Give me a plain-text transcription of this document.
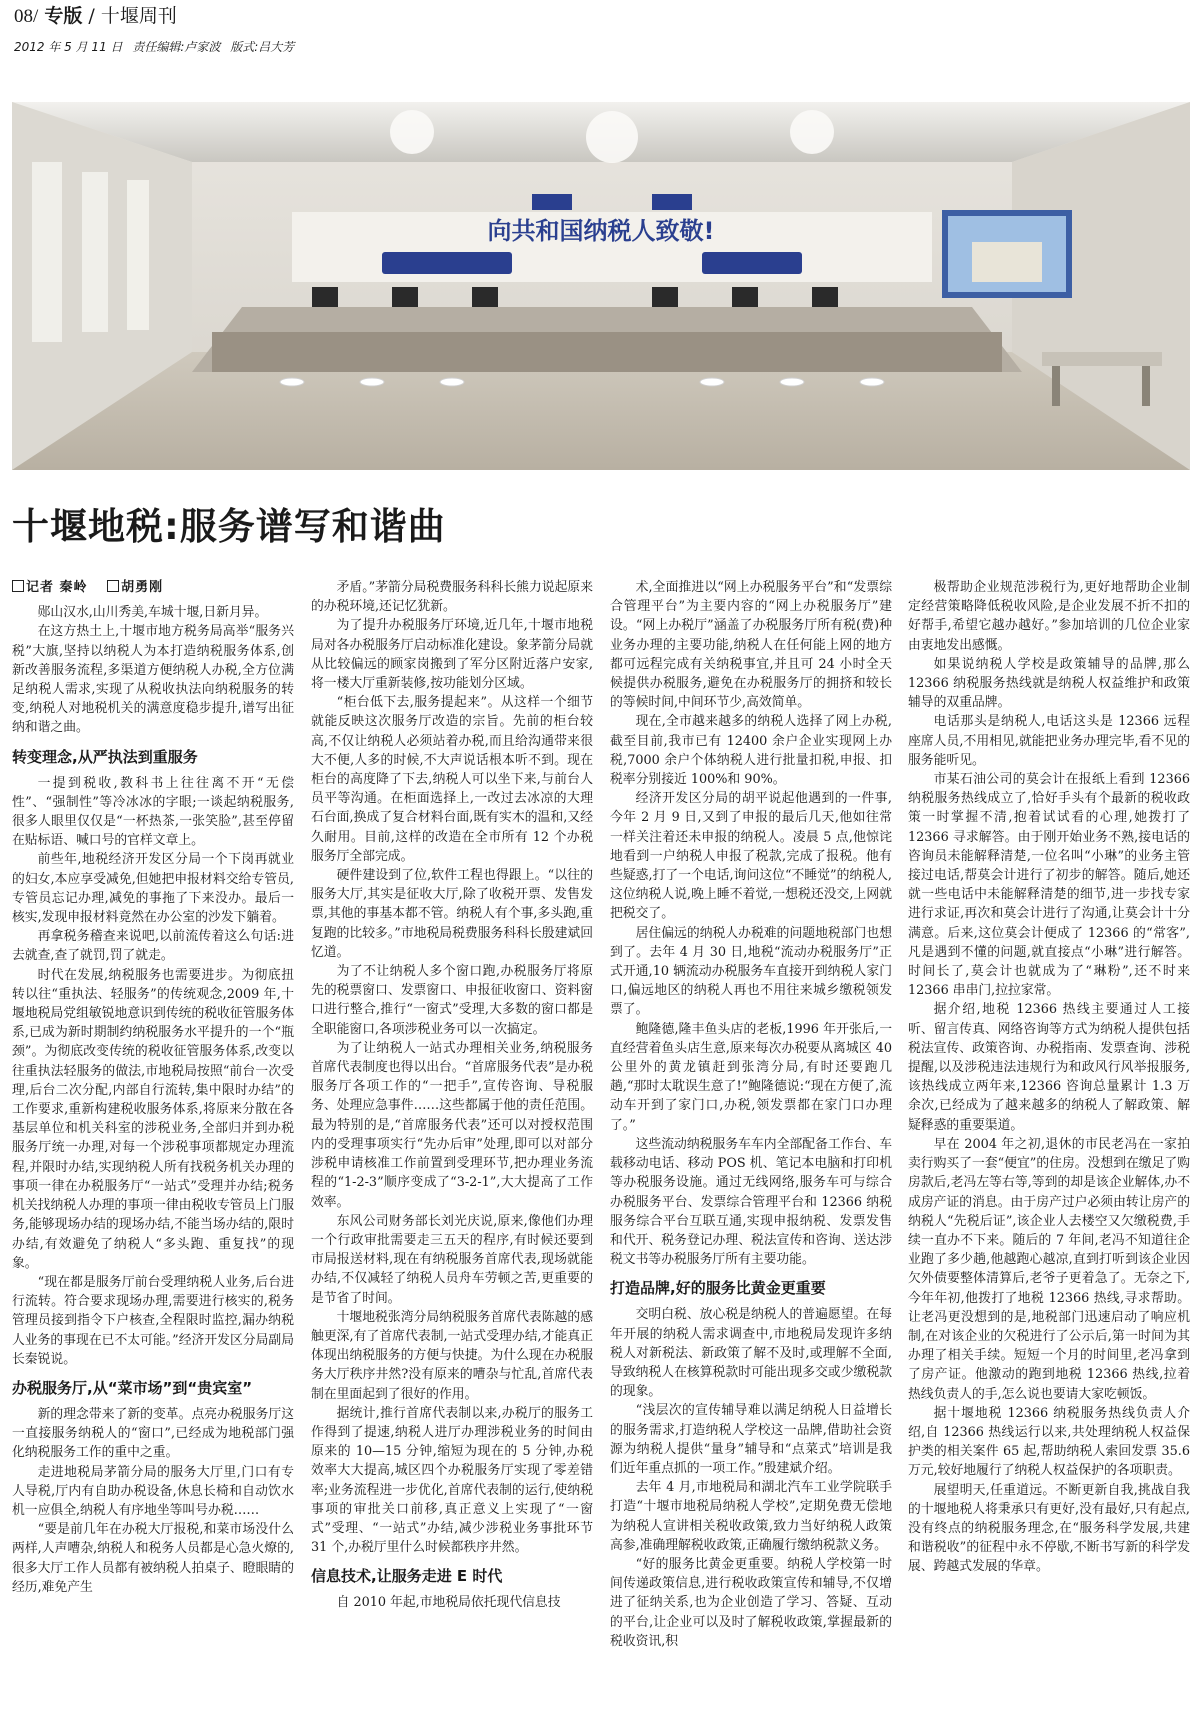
08/ 专版 / 十堰周刊
2012 年 5 月 11 日 责任编辑:卢家波 版式:吕大芳
向共和国纳税人致敬!
十堰地税:服务谱写和谐曲
记者 秦岭	胡勇刚

郧山汉水,山川秀美,车城十堰,日新月异。

在这方热土上,十堰市地方税务局高举“服务兴税”大旗,坚持以纳税人为本打造纳税服务体系,创新改善服务流程,多渠道方便纳税人办税,全方位满足纳税人需求,实现了从税收执法向纳税服务的转变,纳税人对地税机关的满意度稳步提升,谱写出征纳和谐之曲。

转变理念,从严执法到重服务

一提到税收,教科书上往往离不开“无偿性”、“强制性”等冷冰冰的字眼;一谈起纳税服务,很多人眼里仅仅是“一杯热茶,一张笑脸”,甚至停留在贴标语、喊口号的官样文章上。

前些年,地税经济开发区分局一个下岗再就业的妇女,本应享受减免,但她把申报材料交给专管员,专管员忘记办理,减免的事拖了下来没办。最后一核实,发现申报材料竟然在办公室的沙发下躺着。

再拿税务稽查来说吧,以前流传着这么句话:进去就查,查了就罚,罚了就走。

时代在发展,纳税服务也需要进步。为彻底扭转以往“重执法、轻服务”的传统观念,2009 年,十堰地税局党组敏锐地意识到传统的税收征管服务体系,已成为新时期制约纳税服务水平提升的一个“瓶颈”。为彻底改变传统的税收征管服务体系,改变以往重执法轻服务的做法,市地税局按照“前台一次受理,后台二次分配,内部自行流转,集中限时办结”的工作要求,重新构建税收服务体系,将原来分散在各基层单位和机关科室的涉税业务,全部归并到办税服务厅统一办理,对每一个涉税事项都规定办理流程,并限时办结,实现纳税人所有找税务机关办理的事项一律在办税服务厅“一站式”受理并办结;税务机关找纳税人办理的事项一律由税收专管员上门服务,能够现场办结的现场办结,不能当场办结的,限时办结,有效避免了纳税人“多头跑、重复找”的现象。

“现在都是服务厅前台受理纳税人业务,后台进行流转。符合要求现场办理,需要进行核实的,税务管理员接到指令下户核查,全程限时监控,漏办纳税人业务的事现在已不太可能。”经济开发区分局副局长秦锐说。

办税服务厅,从“菜市场”到“贵宾室”

新的理念带来了新的变革。点亮办税服务厅这一直接服务纳税人的“窗口”,已经成为地税部门强化纳税服务工作的重中之重。

走进地税局茅箭分局的服务大厅里,门口有专人导税,厅内有自助办税设备,休息长椅和自动饮水机一应俱全,纳税人有序地坐等叫号办税……

“要是前几年在办税大厅报税,和菜市场没什么两样,人声嘈杂,纳税人和税务人员都是心急火燎的,很多大厅工作人员都有被纳税人拍桌子、瞪眼睛的经历,难免产生

矛盾。”茅箭分局税费服务科科长熊力说起原来的办税环境,还记忆犹新。

为了提升办税服务厅环境,近几年,十堰市地税局对各办税服务厅启动标准化建设。象茅箭分局就从比较偏远的顾家岗搬到了军分区附近落户安家,将一楼大厅重新装修,按功能划分区域。

“柜台低下去,服务提起来”。从这样一个细节就能反映这次服务厅改造的宗旨。先前的柜台较高,不仅让纳税人必须站着办税,而且给沟通带来很大不便,人多的时候,不大声说话根本听不到。现在柜台的高度降了下去,纳税人可以坐下来,与前台人员平等沟通。在柜面选择上,一改过去冰凉的大理石台面,换成了复合材料台面,既有实木的温和,又经久耐用。目前,这样的改造在全市所有 12 个办税服务厅全部完成。

硬件建设到了位,软件工程也得跟上。“以往的服务大厅,其实是征收大厅,除了收税开票、发售发票,其他的事基本都不管。纳税人有个事,多头跑,重复跑的比较多。”市地税局税费服务科科长殷建斌回忆道。

为了不让纳税人多个窗口跑,办税服务厅将原先的税票窗口、发票窗口、申报征收窗口、资料窗口进行整合,推行“一窗式”受理,大多数的窗口都是全职能窗口,各项涉税业务可以一次搞定。

为了让纳税人一站式办理相关业务,纳税服务首席代表制度也得以出台。“首席服务代表”是办税服务厅各项工作的“一把手”,宣传咨询、导税服务、处理应急事件……这些都属于他的责任范围。最为特别的是,“首席服务代表”还可以对授权范围内的受理事项实行“先办后审”处理,即可以对部分涉税申请核准工作前置到受理环节,把办理业务流程的“1-2-3”顺序变成了“3-2-1”,大大提高了工作效率。

东风公司财务部长刘光庆说,原来,像他们办理一个行政审批需要走三五天的程序,有时候还要到市局报送材料,现在有纳税服务首席代表,现场就能办结,不仅减轻了纳税人员舟车劳顿之苦,更重要的是节省了时间。

十堰地税张湾分局纳税服务首席代表陈越的感触更深,有了首席代表制,一站式受理办结,才能真正体现出纳税服务的方便与快捷。为什么现在办税服务大厅秩序井然?没有原来的嘈杂与忙乱,首席代表制在里面起到了很好的作用。

据统计,推行首席代表制以来,办税厅的服务工作得到了提速,纳税人进厅办理涉税业务的时间由原来的 10—15 分钟,缩短为现在的 5 分钟,办税效率大大提高,城区四个办税服务厅实现了零差错率;业务流程进一步优化,首席代表制的运行,使纳税事项的审批关口前移,真正意义上实现了“一窗式”受理、“一站式”办结,减少涉税业务事批环节 31 个,办税厅里什么时候都秩序井然。

信息技术,让服务走进 E 时代

自 2010 年起,市地税局依托现代信息技

术,全面推进以“网上办税服务平台”和“发票综合管理平台”为主要内容的“网上办税服务厅”建设。“网上办税厅”涵盖了办税服务厅所有税(费)种业务办理的主要功能,纳税人在任何能上网的地方都可远程完成有关纳税事宜,并且可 24 小时全天候提供办税服务,避免在办税服务厅的拥挤和较长的等候时间,中间环节少,高效简单。

现在,全市越来越多的纳税人选择了网上办税,截至目前,我市已有 12400 余户企业实现网上办税,7000 余户个体纳税人进行批量扣税,申报、扣税率分别接近 100%和 90%。

经济开发区分局的胡平说起他遇到的一件事,今年 2 月 9 日,又到了申报的最后几天,他如往常一样关注着还未申报的纳税人。凌晨 5 点,他惊诧地看到一户纳税人申报了税款,完成了报税。他有些疑惑,打了一个电话,询问这位“不睡觉”的纳税人,这位纳税人说,晚上睡不着觉,一想税还没交,上网就把税交了。

居住偏远的纳税人办税难的问题地税部门也想到了。去年 4 月 30 日,地税“流动办税服务厅”正式开通,10 辆流动办税服务车直接开到纳税人家门口,偏远地区的纳税人再也不用往来城乡缴税领发票了。

鲍隆德,隆丰鱼头店的老板,1996 年开张后,一直经营着鱼头店生意,原来每次办税要从离城区 40 公里外的黄龙镇赶到张湾分局,有时还要跑几趟,“那时太耽误生意了!”鲍隆德说:“现在方便了,流动车开到了家门口,办税,领发票都在家门口办理了。”

这些流动纳税服务车车内全部配备工作台、车载移动电话、移动 POS 机、笔记本电脑和打印机等办税服务设施。通过无线网络,服务车可与综合办税服务平台、发票综合管理平台和 12366 纳税服务综合平台互联互通,实现申报纳税、发票发售和代开、税务登记办理、税法宣传和咨询、送达涉税文书等办税服务厅所有主要功能。

打造品牌,好的服务比黄金更重要

交明白税、放心税是纳税人的普遍愿望。在每年开展的纳税人需求调查中,市地税局发现许多纳税人对新税法、新政策了解不及时,或理解不全面,导致纳税人在核算税款时可能出现多交或少缴税款的现象。

“浅层次的宣传辅导难以满足纳税人日益增长的服务需求,打造纳税人学校这一品牌,借助社会资源为纳税人提供“量身”辅导和“点菜式”培训是我们近年重点抓的一项工作。”殷建斌介绍。

去年 4 月,市地税局和湖北汽车工业学院联手打造“十堰市地税局纳税人学校”,定期免费无偿地为纳税人宣讲相关税收政策,致力当好纳税人政策高参,准确理解税收政策,正确履行缴纳税款义务。

“好的服务比黄金更重要。纳税人学校第一时间传递政策信息,进行税收政策宣传和辅导,不仅增进了征纳关系,也为企业创造了学习、答疑、互动的平台,让企业可以及时了解税收政策,掌握最新的税收资讯,积

极帮助企业规范涉税行为,更好地帮助企业制定经营策略降低税收风险,是企业发展不折不扣的好帮手,希望它越办越好。”参加培训的几位企业家由衷地发出感慨。

如果说纳税人学校是政策辅导的品牌,那么 12366 纳税服务热线就是纳税人权益维护和政策辅导的双重品牌。

电话那头是纳税人,电话这头是 12366 远程座席人员,不用相见,就能把业务办理完毕,看不见的服务能听见。

市某石油公司的莫会计在报纸上看到 12366 纳税服务热线成立了,恰好手头有个最新的税收政策一时掌握不清,抱着试试看的心理,她拨打了 12366 寻求解答。由于刚开始业务不熟,接电话的咨询员未能解释清楚,一位名叫“小琳”的业务主管接过电话,帮莫会计进行了初步的解答。随后,她还就一些电话中未能解释清楚的细节,进一步找专家进行求证,再次和莫会计进行了沟通,让莫会计十分满意。后来,这位莫会计便成了 12366 的“常客”,凡是遇到不懂的问题,就直接点“小琳”进行解答。时间长了,莫会计也就成为了“琳粉”,还不时来 12366 串串门,拉拉家常。

据介绍,地税 12366 热线主要通过人工接听、留言传真、网络咨询等方式为纳税人提供包括税法宣传、政策咨询、办税指南、发票查询、涉税提醒,以及涉税违法违规行为和政风行风举报服务,该热线成立两年来,12366 咨询总量累计 1.3 万余次,已经成为了越来越多的纳税人了解政策、解疑释惑的重要渠道。

早在 2004 年之初,退休的市民老冯在一家拍卖行购买了一套“便宜”的住房。没想到在缴足了购房款后,老冯左等右等,等到的却是该企业解体,办不成房产证的消息。由于房产过户必须由转让房产的纳税人“先税后证”,该企业人去楼空又欠缴税费,手续一直办不下来。随后的 7 年间,老冯不知道往企业跑了多少趟,他越跑心越凉,直到打听到该企业因欠外债要整体清算后,老爷子更着急了。无奈之下,今年年初,他拨打了地税 12366 热线,寻求帮助。让老冯更没想到的是,地税部门迅速启动了响应机制,在对该企业的欠税进行了公示后,第一时间为其办理了相关手续。短短一个月的时间里,老冯拿到了房产证。他激动的跑到地税 12366 热线,拉着热线负责人的手,怎么说也要请大家吃顿饭。

据十堰地税 12366 纳税服务热线负责人介绍,自 12366 热线运行以来,共处理纳税人权益保护类的相关案件 65 起,帮助纳税人索回发票 35.6 万元,较好地履行了纳税人权益保护的各项职责。

展望明天,任重道远。不断更新自我,挑战自我的十堰地税人将秉承只有更好,没有最好,只有起点,没有终点的纳税服务理念,在“服务科学发展,共建和谐税收”的征程中永不停歇,不断书写新的科学发展、跨越式发展的华章。
